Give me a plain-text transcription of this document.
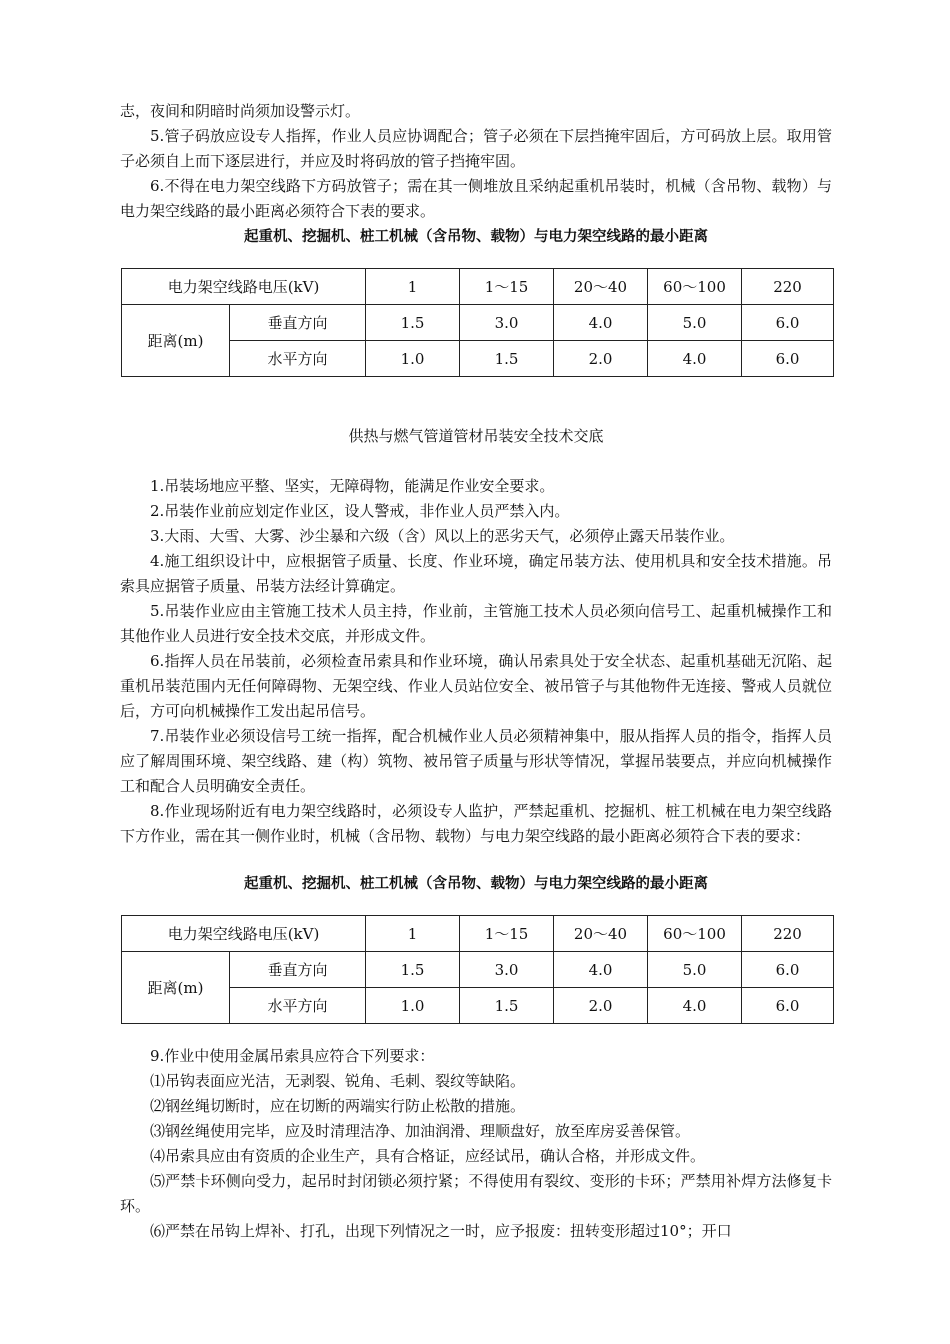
志，夜间和阴暗时尚须加设警示灯。

5.管子码放应设专人指挥，作业人员应协调配合；管子必须在下层挡掩牢固后，方可码放上层。取用管子必须自上而下逐层进行，并应及时将码放的管子挡掩牢固。

6.不得在电力架空线路下方码放管子；需在其一侧堆放且采纳起重机吊装时，机械（含吊物、载物）与电力架空线路的最小距离必须符合下表的要求。

起重机、挖掘机、桩工机械（含吊物、载物）与电力架空线路的最小距离

电力架空线路电压(kV)		1	1～15	20～40	60～100	220
距离(m)	垂直方向	1.5	3.0	4.0	5.0	6.0
	水平方向	1.0	1.5	2.0	4.0	6.0

供热与燃气管道管材吊装安全技术交底

1.吊装场地应平整、坚实，无障碍物，能满足作业安全要求。

2.吊装作业前应划定作业区，设人警戒，非作业人员严禁入内。

3.大雨、大雪、大雾、沙尘暴和六级（含）风以上的恶劣天气，必须停止露天吊装作业。

4.施工组织设计中，应根据管子质量、长度、作业环境，确定吊装方法、使用机具和安全技术措施。吊索具应据管子质量、吊装方法经计算确定。

5.吊装作业应由主管施工技术人员主持，作业前，主管施工技术人员必须向信号工、起重机械操作工和其他作业人员进行安全技术交底，并形成文件。

6.指挥人员在吊装前，必须检查吊索具和作业环境，确认吊索具处于安全状态、起重机基础无沉陷、起重机吊装范围内无任何障碍物、无架空线、作业人员站位安全、被吊管子与其他物件无连接、警戒人员就位后，方可向机械操作工发出起吊信号。

7.吊装作业必须设信号工统一指挥，配合机械作业人员必须精神集中，服从指挥人员的指令，指挥人员应了解周围环境、架空线路、建（构）筑物、被吊管子质量与形状等情况，掌握吊装要点，并应向机械操作工和配合人员明确安全责任。

8.作业现场附近有电力架空线路时，必须设专人监护，严禁起重机、挖掘机、桩工机械在电力架空线路下方作业，需在其一侧作业时，机械（含吊物、载物）与电力架空线路的最小距离必须符合下表的要求：

起重机、挖掘机、桩工机械（含吊物、载物）与电力架空线路的最小距离

电力架空线路电压(kV)		1	1～15	20～40	60～100	220
距离(m)	垂直方向	1.5	3.0	4.0	5.0	6.0
	水平方向	1.0	1.5	2.0	4.0	6.0

9.作业中使用金属吊索具应符合下列要求：

⑴吊钩表面应光洁，无剥裂、锐角、毛刺、裂纹等缺陷。

⑵钢丝绳切断时，应在切断的两端实行防止松散的措施。

⑶钢丝绳使用完毕，应及时清理洁净、加油润滑、理顺盘好，放至库房妥善保管。

⑷吊索具应由有资质的企业生产，具有合格证，应经试吊，确认合格，并形成文件。

⑸严禁卡环侧向受力，起吊时封闭锁必须拧紧；不得使用有裂纹、变形的卡环；严禁用补焊方法修复卡环。

⑹严禁在吊钩上焊补、打孔，出现下列情况之一时，应予报废：扭转变形超过10°；开口
